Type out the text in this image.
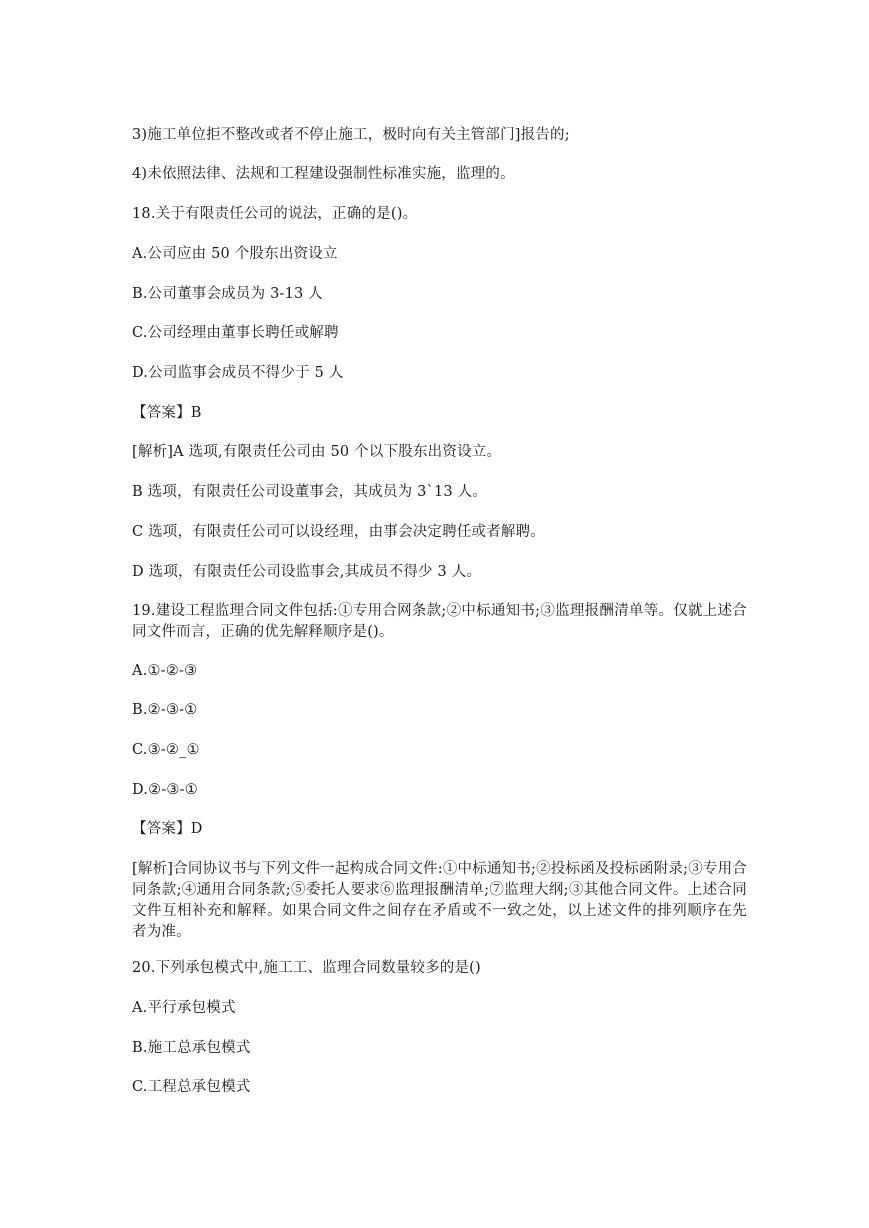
3)施工单位拒不整改或者不停止施工，极时向有关主管部门]报告的;
4)未依照法律、法规和工程建设强制性标准实施，监理的。
18.关于有限责任公司的说法，正确的是()。
A.公司应由 50 个股东出资设立
B.公司董事会成员为 3-13 人
C.公司经理由董事长聘任或解聘
D.公司监事会成员不得少于 5 人
【答案】B
[解析]A 选项,有限责任公司由 50 个以下股东出资设立。
B 选项，有限责任公司设董事会，其成员为 3`13 人。
C 选项，有限责任公司可以设经理，由事会决定聘任或者解聘。
D 选项，有限责任公司设监事会,其成员不得少 3 人。
19.建设工程监理合同文件包括:①专用合网条款;②中标通知书;③监理报酬清单等。仅就上述合同文件而言，正确的优先解释顺序是()。
A.①-②-③
B.②-③-①
C.③-②_①
D.②-③-①
【答案】D
[解析]合同协议书与下列文件一起构成合同文件:①中标通知书;②投标函及投标函附录;③专用合同条款;④通用合同条款;⑤委托人要求⑥监理报酬清单;⑦监理大纲;③其他合同文件。上述合同文件互相补充和解释。如果合同文件之间存在矛盾或不一致之处，以上述文件的排列顺序在先者为准。
20.下列承包模式中,施工工、监理合同数量较多的是()
A.平行承包模式
B.施工总承包模式
C.工程总承包模式
